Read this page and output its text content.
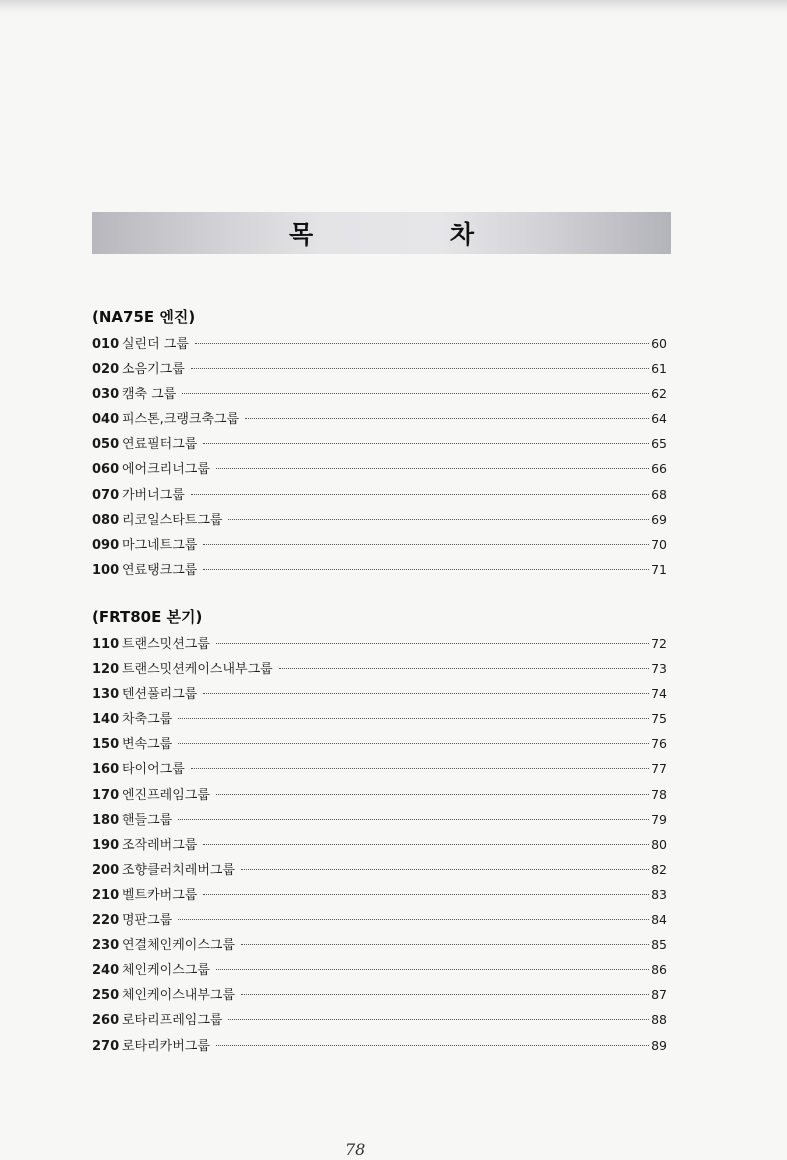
목 차
(NA75E 엔진)
010 실린더 그룹	60
020 소음기그룹	61
030 캠축 그룹	62
040 피스톤,크랭크축그룹	64
050 연료필터그룹	65
060 에어크리너그룹	66
070 가버너그룹	68
080 리코일스타트그룹	69
090 마그네트그룹	70
100 연료탱크그룹	71
(FRT80E 본기)
110 트랜스밋션그룹	72
120 트랜스밋션케이스내부그룹	73
130 텐션풀리그룹	74
140 차축그룹	75
150 변속그룹	76
160 타이어그룹	77
170 엔진프레임그룹	78
180 핸들그룹	79
190 조작레버그룹	80
200 조향클러치레버그룹	82
210 벨트카버그룹	83
220 명판그룹	84
230 연결체인케이스그룹	85
240 체인케이스그룹	86
250 체인케이스내부그룹	87
260 로타리프레임그룹	88
270 로타리카버그룹	89
78
